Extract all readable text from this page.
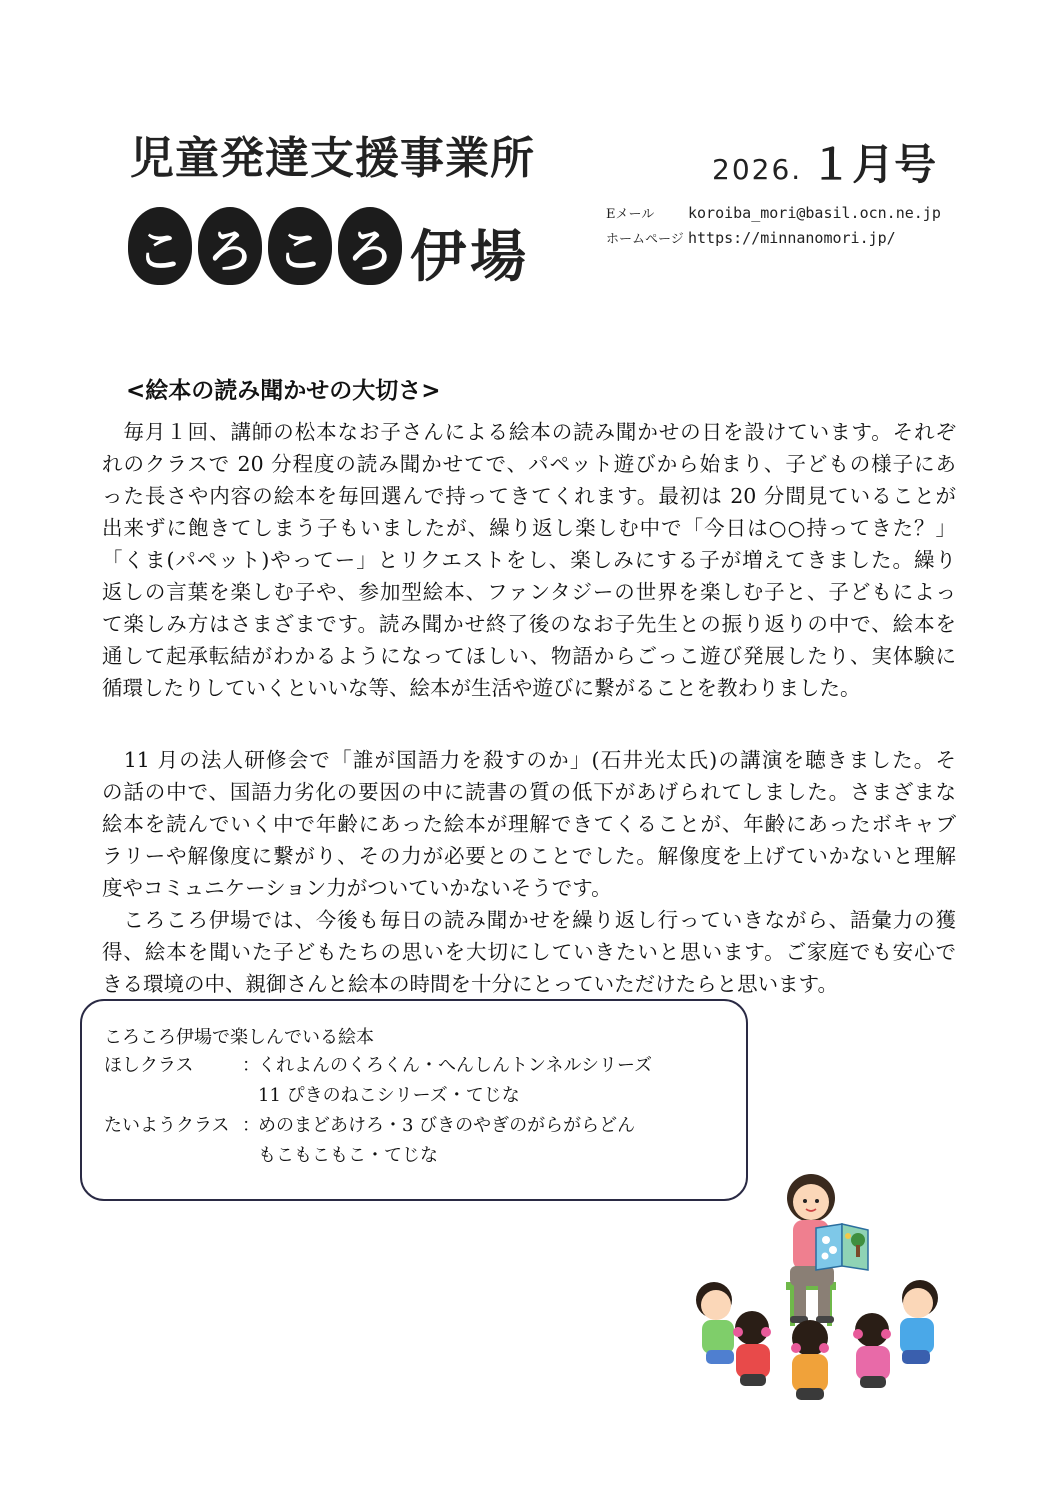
児童発達支援事業所
こ ろ こ ろ 伊場
2026. １月号
Eメール koroiba_mori@basil.ocn.ne.jp
ホームページ https://minnanomori.jp/
<絵本の読み聞かせの大切さ>
　毎月１回、講師の松本なお子さんによる絵本の読み聞かせの日を設けています。それぞ
れのクラスで 20 分程度の読み聞かせてで、パペット遊びから始まり、子どもの様子にあ
った長さや内容の絵本を毎回選んで持ってきてくれます。最初は 20 分間見ていることが
出来ずに飽きてしまう子もいましたが、繰り返し楽しむ中で「今日は○○持ってきた？」
「くま(パペット)やってー」とリクエストをし、楽しみにする子が増えてきました。繰り
返しの言葉を楽しむ子や、参加型絵本、ファンタジーの世界を楽しむ子と、子どもによっ
て楽しみ方はさまざまです。読み聞かせ終了後のなお子先生との振り返りの中で、絵本を
通して起承転結がわかるようになってほしい、物語からごっこ遊び発展したり、実体験に
循環したりしていくといいな等、絵本が生活や遊びに繋がることを教わりました。
　11 月の法人研修会で「誰が国語力を殺すのか」(石井光太氏)の講演を聴きました。そ
の話の中で、国語力劣化の要因の中に読書の質の低下があげられてしました。さまざまな
絵本を読んでいく中で年齢にあった絵本が理解できてくることが、年齢にあったボキャブ
ラリーや解像度に繋がり、その力が必要とのことでした。解像度を上げていかないと理解
度やコミュニケーション力がついていかないそうです。
　ころころ伊場では、今後も毎日の読み聞かせを繰り返し行っていきながら、語彙力の獲
得、絵本を聞いた子どもたちの思いを大切にしていきたいと思います。ご家庭でも安心で
きる環境の中、親御さんと絵本の時間を十分にとっていただけたらと思います。
ころころ伊場で楽しんでいる絵本
ほしクラス	：
くれよんのくろくん・へんしんトンネルシリーズ
11 ぴきのねこシリーズ・てじな
たいようクラス ：
めのまどあけろ・3 びきのやぎのがらがらどん
もこもこもこ・てじな
